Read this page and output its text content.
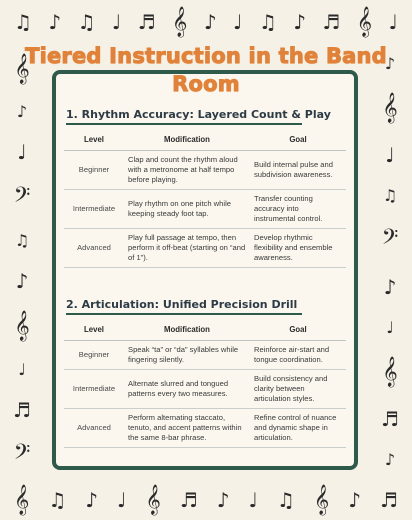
♫ ♪ ♫ ♩ ♬ 𝄞 ♪ ♩ ♫ ♪ ♬ 𝄞 ♩
𝄞
♪
♩
𝄢
♫
♪
𝄞
♩
♬
𝄢
♪
𝄞
♩
♫
𝄢
♪
♩
𝄞
♬
♪
𝄞 ♫ ♪ ♩ 𝄞 ♬ ♪ ♩ ♫ 𝄞 ♪ ♬
1. Rhythm Accuracy: Layered Count & Play
Level	Modification	Goal
Beginner	Clap and count the rhythm aloud with a metronome at half tempo before playing.	Build internal pulse and subdivision awareness.
Intermediate	Play rhythm on one pitch while keeping steady foot tap.	Transfer counting accuracy into instrumental control.
Advanced	Play full passage at tempo, then perform it off-beat (starting on “and of 1”).	Develop rhythmic flexibility and ensemble awareness.
2. Articulation: Unified Precision Drill
Level	Modification	Goal
Beginner	Speak “ta” or “da” syllables while fingering silently.	Reinforce air-start and tongue coordination.
Intermediate	Alternate slurred and tongued patterns every two measures.	Build consistency and clarity between articulation styles.
Advanced	Perform alternating staccato, tenuto, and accent patterns within the same 8-bar phrase.	Refine control of nuance and dynamic shape in articulation.
Tiered Instruction in the Band Room
